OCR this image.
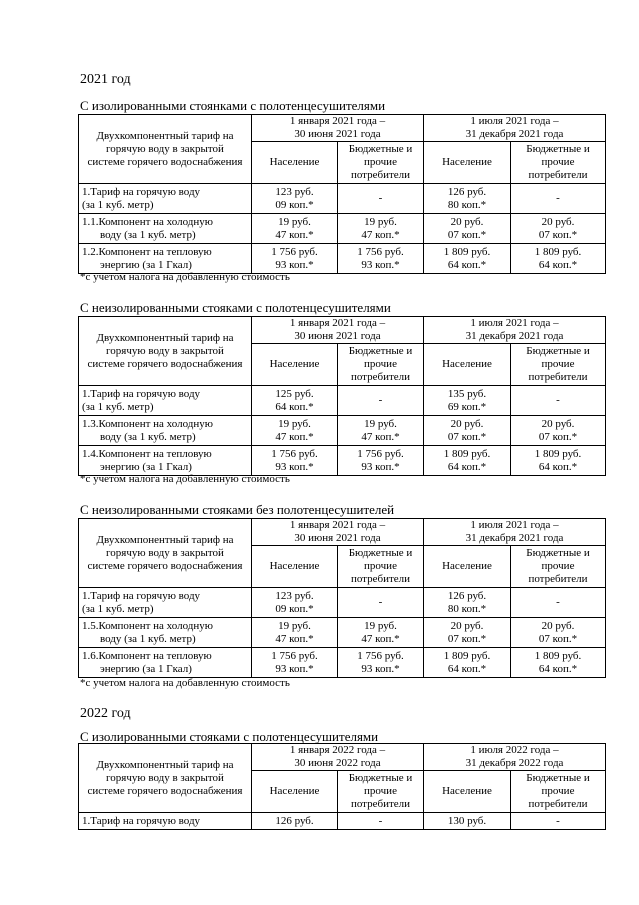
2021 год
С изолированными стоянками с полотенцесушителями
Двухкомпонентный тариф на
горячую воду в закрытой
системе горячего водоснабжения	1 января 2021 года –
30 июня 2021 года		1 июля 2021 года –
31 декабря 2021 года	

	Население	Бюджетные и
прочие
потребители	Население	Бюджетные и
прочие
потребители

1.Тариф на горячую воду
(за 1 куб. метр)	123 руб.
09 коп.*	-	126 руб.
80 коп.*	-

1.1.Компонент на холодную
воду (за 1 куб. метр)	19 руб.
47 коп.*	19 руб.
47 коп.*	20 руб.
07 коп.*	20 руб.
07 коп.*

1.2.Компонент на тепловую
энергию (за 1 Гкал)	1 756 руб.
93 коп.*	1 756 руб.
93 коп.*	1 809 руб.
64 коп.*	1 809 руб.
64 коп.*
*с учетом налога на добавленную стоимость
С неизолированными стояками с полотенцесушителями
Двухкомпонентный тариф на
горячую воду в закрытой
системе горячего водоснабжения	1 января 2021 года –
30 июня 2021 года		1 июля 2021 года –
31 декабря 2021 года	

	Население	Бюджетные и
прочие
потребители	Население	Бюджетные и
прочие
потребители

1.Тариф на горячую воду
(за 1 куб. метр)	125 руб.
64 коп.*	-	135 руб.
69 коп.*	-

1.3.Компонент на холодную
воду (за 1 куб. метр)	19 руб.
47 коп.*	19 руб.
47 коп.*	20 руб.
07 коп.*	20 руб.
07 коп.*

1.4.Компонент на тепловую
энергию (за 1 Гкал)	1 756 руб.
93 коп.*	1 756 руб.
93 коп.*	1 809 руб.
64 коп.*	1 809 руб.
64 коп.*
*с учетом налога на добавленную стоимость
С неизолированными стояками без полотенцесушителей
Двухкомпонентный тариф на
горячую воду в закрытой
системе горячего водоснабжения	1 января 2021 года –
30 июня 2021 года		1 июля 2021 года –
31 декабря 2021 года	

	Население	Бюджетные и
прочие
потребители	Население	Бюджетные и
прочие
потребители

1.Тариф на горячую воду
(за 1 куб. метр)	123 руб.
09 коп.*	-	126 руб.
80 коп.*	-

1.5.Компонент на холодную
воду (за 1 куб. метр)	19 руб.
47 коп.*	19 руб.
47 коп.*	20 руб.
07 коп.*	20 руб.
07 коп.*

1.6.Компонент на тепловую
энергию (за 1 Гкал)	1 756 руб.
93 коп.*	1 756 руб.
93 коп.*	1 809 руб.
64 коп.*	1 809 руб.
64 коп.*
*с учетом налога на добавленную стоимость
2022 год
С изолированными стояками с полотенцесушителями
Двухкомпонентный тариф на
горячую воду в закрытой
системе горячего водоснабжения	1 января 2022 года –
30 июня 2022 года		1 июля 2022 года –
31 декабря 2022 года	

	Население	Бюджетные и
прочие
потребители	Население	Бюджетные и
прочие
потребители

1.Тариф на горячую воду	126 руб.	-	130 руб.	-
